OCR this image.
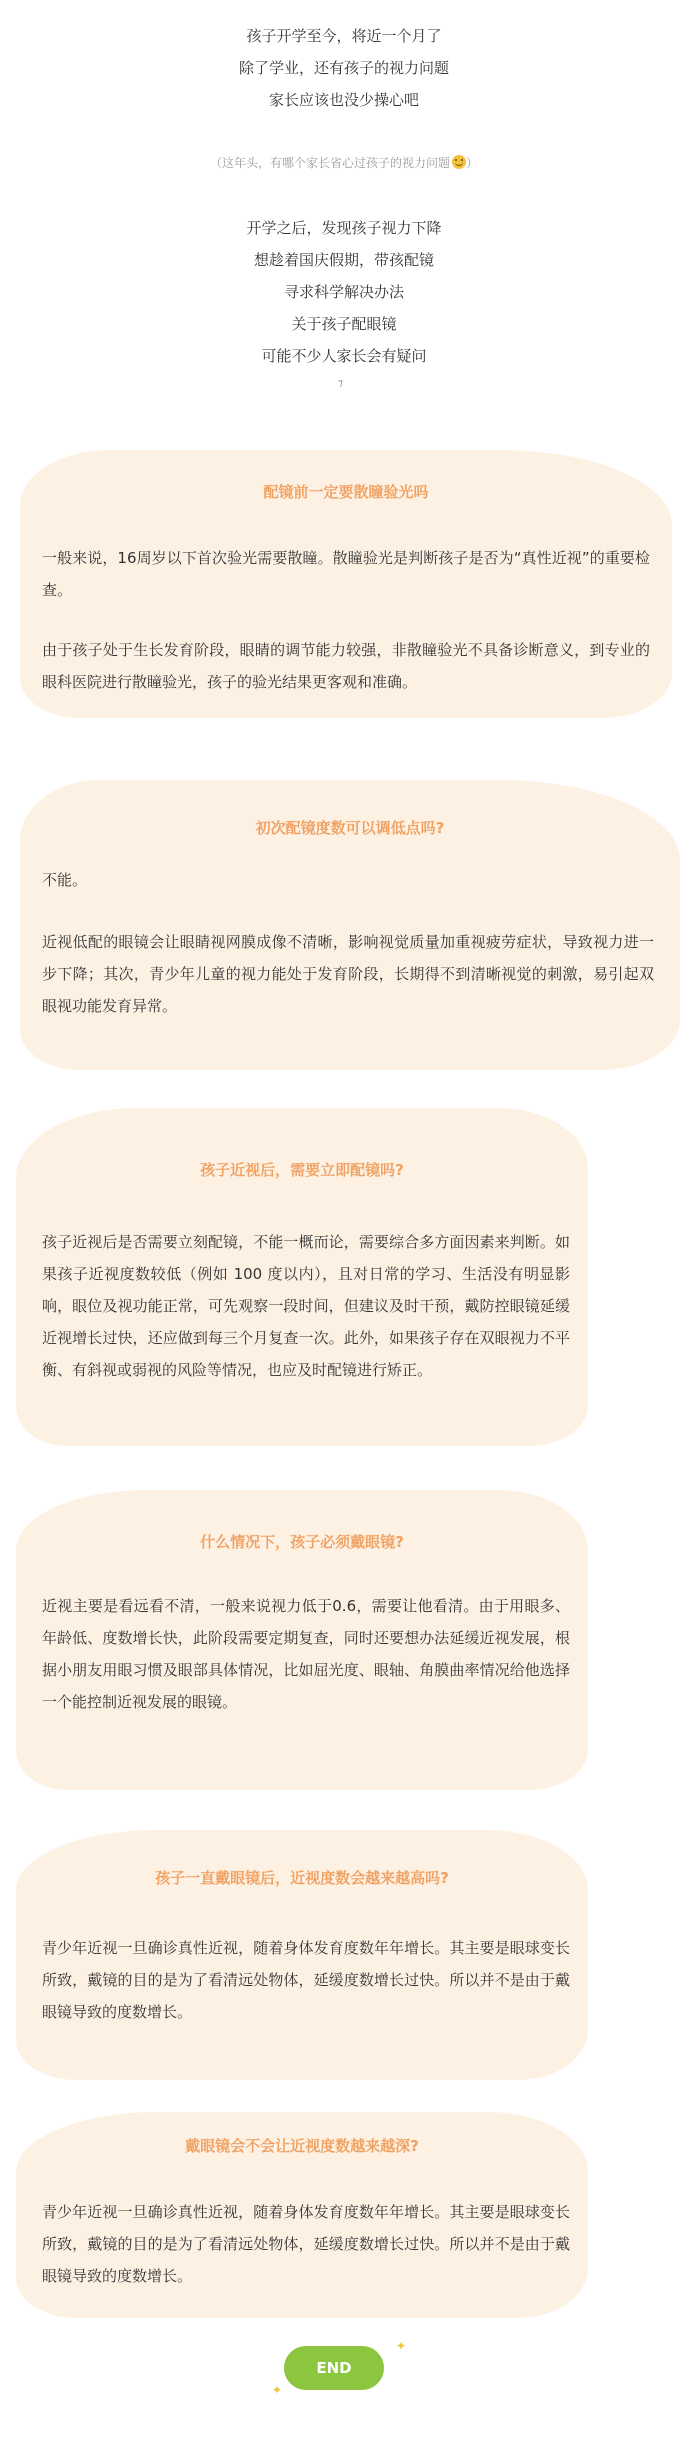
孩子开学至今，将近一个月了
除了学业，还有孩子的视力问题
家长应该也没少操心吧
（这年头，有哪个家长省心过孩子的视力问题 ）
开学之后，发现孩子视力下降
想趁着国庆假期，带孩配镜
寻求科学解决办法
关于孩子配眼镜
可能不少人家长会有疑问
⁊
配镜前一定要散瞳验光吗

一般来说，16周岁以下首次验光需要散瞳。散瞳验光是判断孩子是否为“真性近视”的重要检查。

由于孩子处于生长发育阶段，眼睛的调节能力较强，非散瞳验光不具备诊断意义，到专业的眼科医院进行散瞳验光，孩子的验光结果更客观和准确。

初次配镜度数可以调低点吗?

不能。

近视低配的眼镜会让眼睛视网膜成像不清晰，影响视觉质量加重视疲劳症状，导致视力进一步下降；其次，青少年儿童的视力能处于发育阶段，长期得不到清晰视觉的刺激，易引起双眼视功能发育异常。

孩子近视后，需要立即配镜吗?

孩子近视后是否需要立刻配镜，不能一概而论，需要综合多方面因素来判断。如果孩子近视度数较低（例如 100 度以内），且对日常的学习、生活没有明显影响，眼位及视功能正常，可先观察一段时间，但建议及时干预，戴防控眼镜延缓近视增长过快，还应做到每三个月复查一次。此外，如果孩子存在双眼视力不平衡、有斜视或弱视的风险等情况，也应及时配镜进行矫正。

什么情况下，孩子必须戴眼镜?

近视主要是看远看不清，一般来说视力低于0.6，需要让他看清。由于用眼多、年龄低、度数增长快，此阶段需要定期复查，同时还要想办法延缓近视发展，根据小朋友用眼习惯及眼部具体情况，比如屈光度、眼轴、角膜曲率情况给他选择一个能控制近视发展的眼镜。

孩子一直戴眼镜后，近视度数会越来越高吗?

青少年近视一旦确诊真性近视，随着身体发育度数年年增长。其主要是眼球变长所致，戴镜的目的是为了看清远处物体，延缓度数增长过快。所以并不是由于戴眼镜导致的度数增长。

戴眼镜会不会让近视度数越来越深?

青少年近视一旦确诊真性近视，随着身体发育度数年年增长。其主要是眼球变长所致，戴镜的目的是为了看清远处物体，延缓度数增长过快。所以并不是由于戴眼镜导致的度数增长。

END
✦
✦
